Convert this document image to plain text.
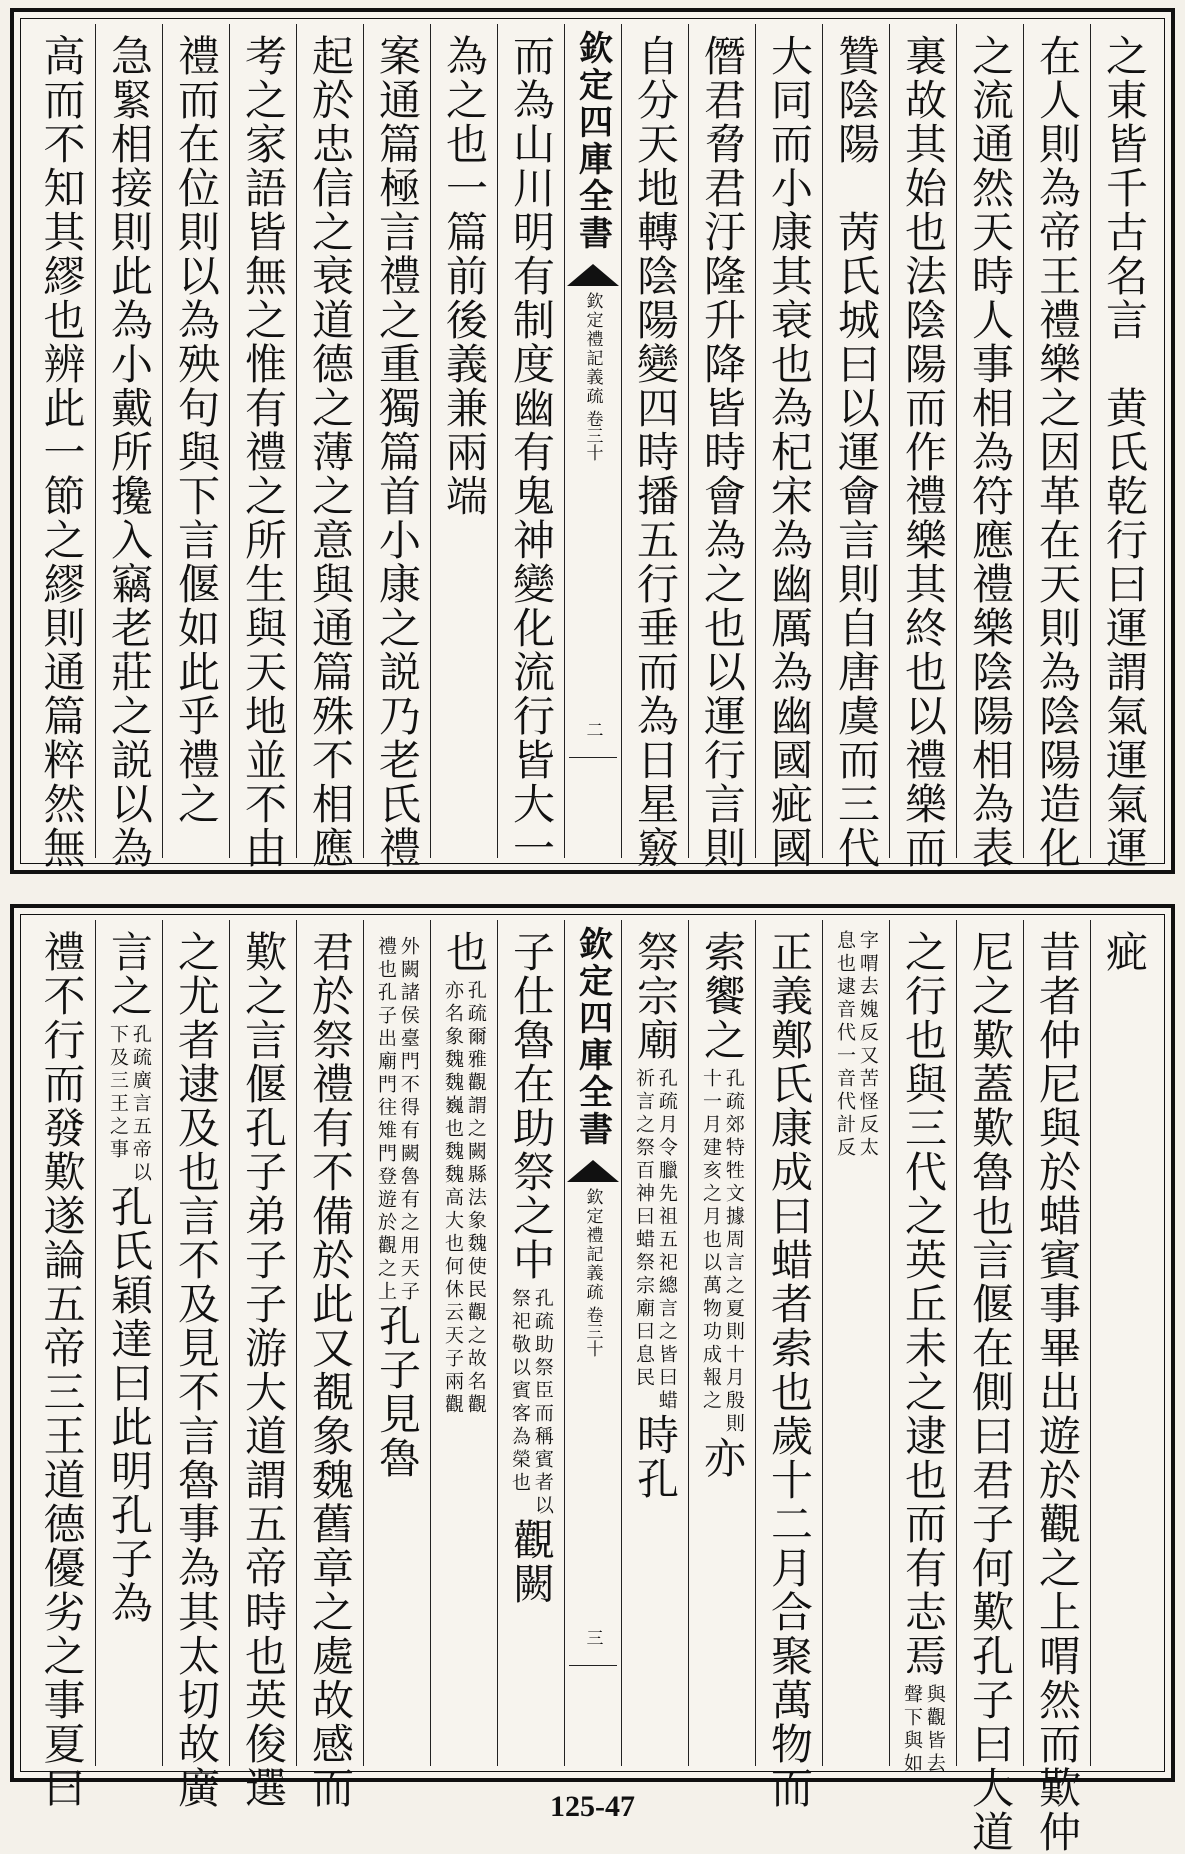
之東皆千古名言　黄氏乾行曰運謂氣運氣運
在人則為帝王禮樂之因革在天則為陰陽造化
之流通然天時人事相為符應禮樂陰陽相為表
裏故其始也法陰陽而作禮樂其終也以禮樂而
贊陰陽　苪氏城曰以運會言則自唐虞而三代
大同而小康其衰也為杞宋為幽厲為幽國疵國
僭君脅君汙隆升降皆時會為之也以運行言則
自分天地轉陰陽變四時播五行垂而為日星竅
欽定四庫全書
欽定禮記義疏
卷三十
二
而為山川明有制度幽有鬼神變化流行皆大一
為之也一篇前後義兼兩端
案通篇極言禮之重獨篇首小康之説乃老氏禮
起於忠信之衰道德之薄之意與通篇殊不相應
考之家語皆無之惟有禮之所生與天地並不由
禮而在位則以為殃句與下言偃如此乎禮之
急緊相接則此為小戴所攙入竊老莊之説以為
高而不知其繆也辨此一節之繆則通篇粹然無
疵
昔者仲尼與於蜡賓事畢出遊於觀之上喟然而歎仲
尼之歎蓋歎魯也言偃在側曰君子何歎孔子曰大道
之行也與三代之英丘未之逮也而有志焉
與觀皆去
聲下與如
字喟去媿反又苦怪反太
息也逮音代一音代計反
正義鄭氏康成曰蜡者索也歲十二月合聚萬物而
索饗之
孔疏郊特牲文據周言之夏則十月殷則
十一月建亥之月也以萬物功成報之
亦
祭宗廟
孔疏月令臘先祖五祀總言之皆曰蜡
祈言之祭百神曰蜡祭宗廟曰息民
時孔
欽定四庫全書
欽定禮記義疏
卷三十
三
子仕魯在助祭之中
孔疏助祭臣而稱賓者以
祭祀敬以賓客為榮也
觀闕
也
孔疏爾雅觀謂之闕縣法象魏使民觀之故名觀
亦名象魏魏巍也魏魏高大也何休云天子兩觀
外闕諸侯臺門不得有闕魯有之用天子
禮也孔子出廟門往雉門登遊於觀之上
孔子見魯
君於祭禮有不備於此又覩象魏舊章之處故感而
歎之言偃孔子弟子子游大道謂五帝時也英俊選
之尤者逮及也言不及見不言魯事為其太切故廣
言之
孔疏廣言五帝以
下及三王之事
孔氏穎達曰此明孔子為
禮不行而發歎遂論五帝三王道德優劣之事夏曰	125-47
